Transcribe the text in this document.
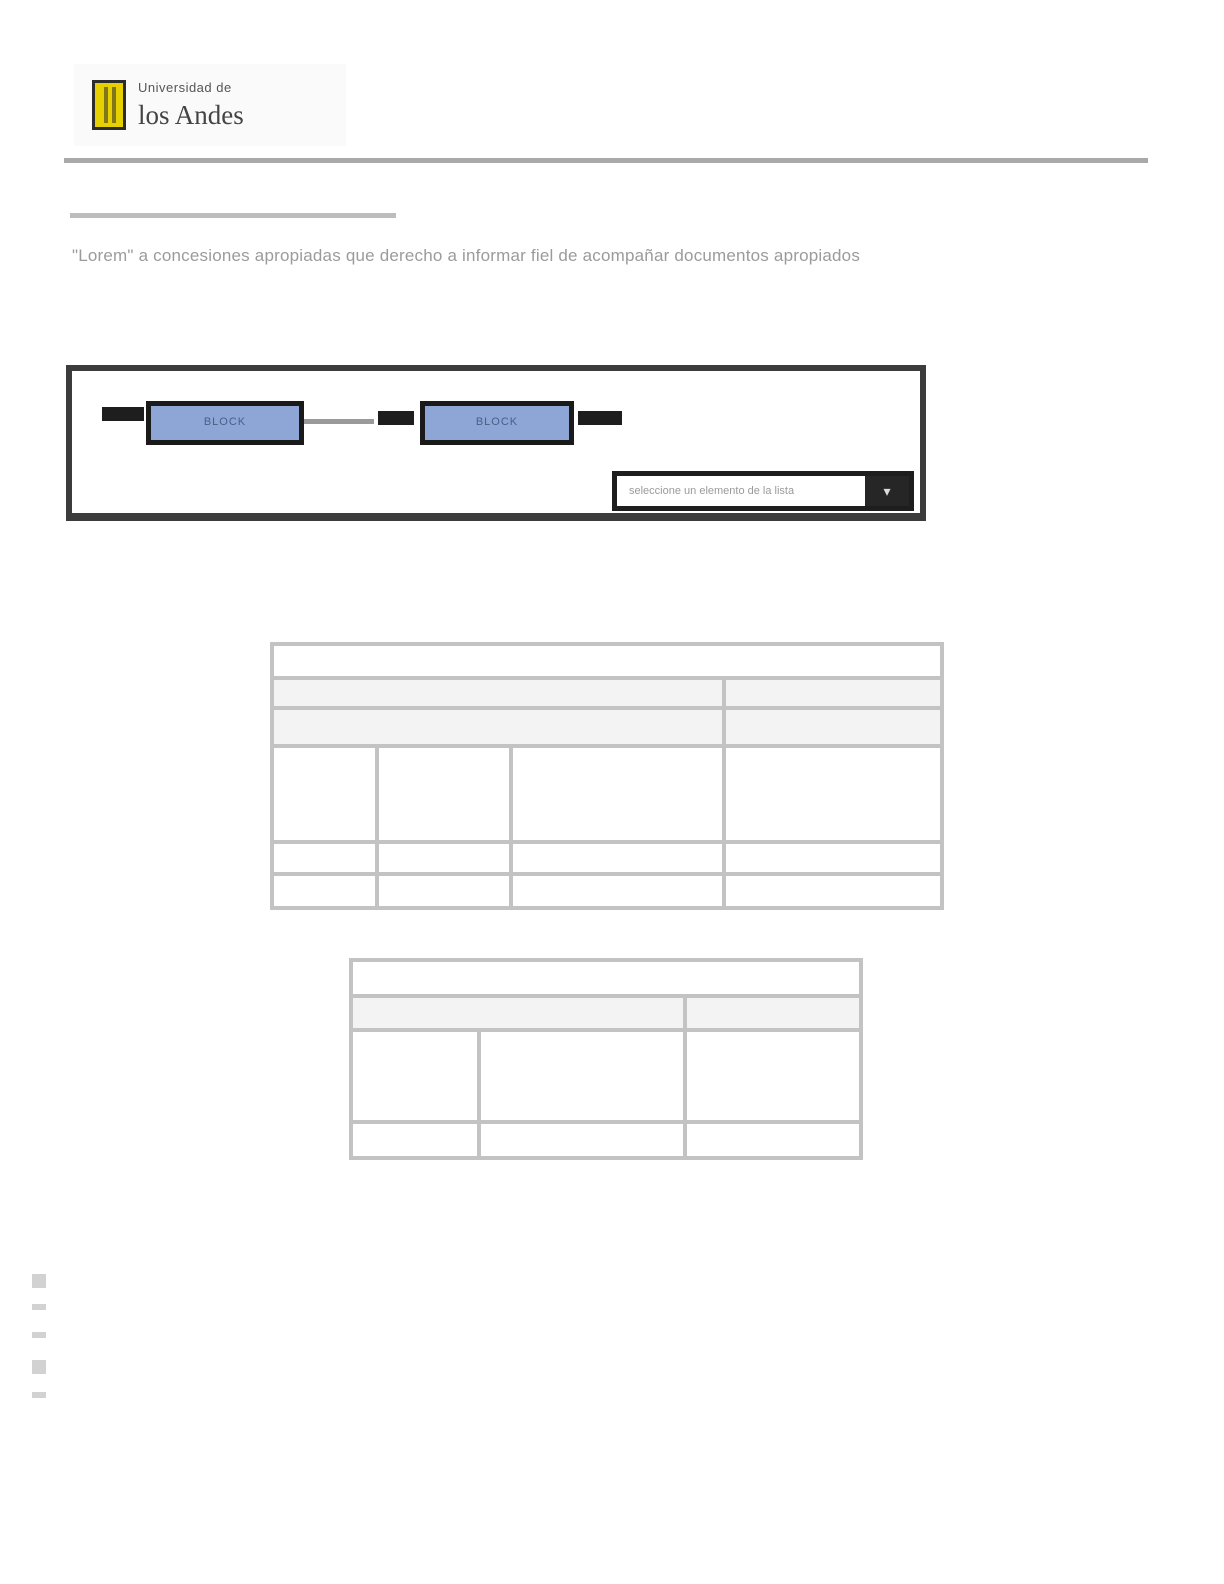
Universidad de
los Andes
"Lorem" a concesiones apropiadas que derecho a informar fiel de acompañar documentos apropiados
BLOCK	BLOCK
seleccione un elemento de la lista	▾
